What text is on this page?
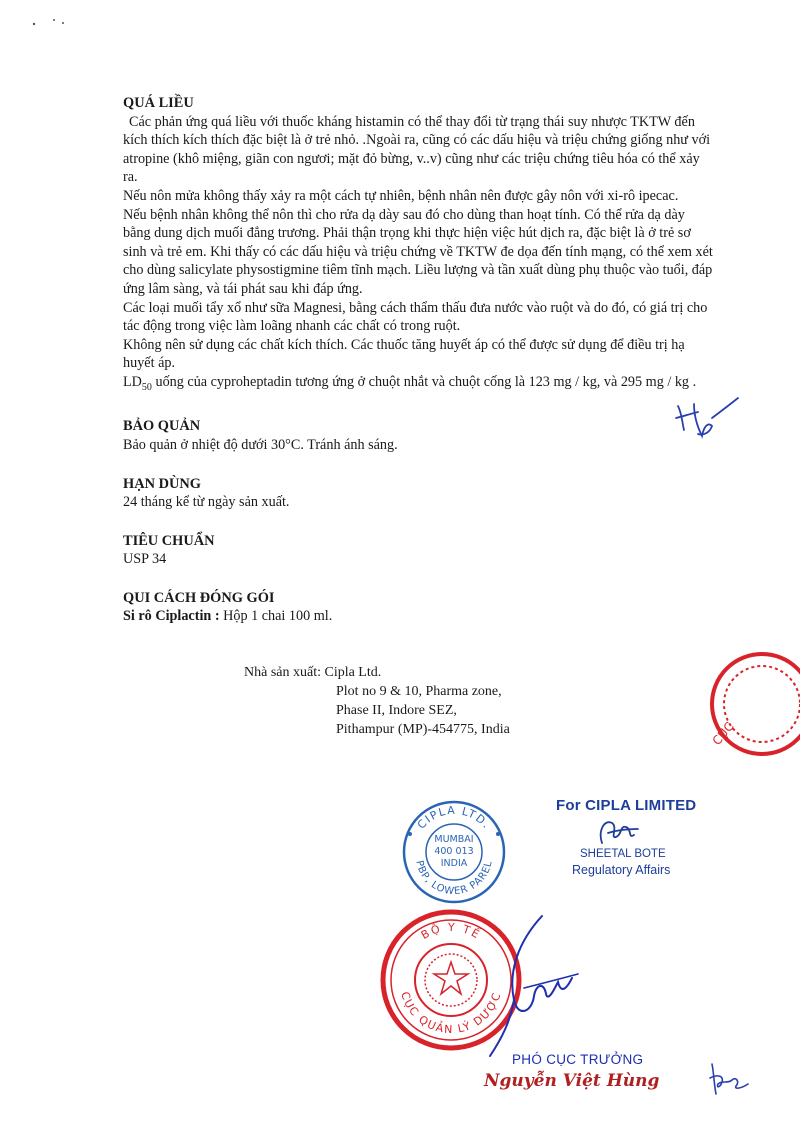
QUÁ LIỀU

Các phản ứng quá liều với thuốc kháng histamin có thể thay đổi từ trạng thái suy nhược TKTW đến kích thích kích thích đặc biệt là ở trẻ nhỏ. .Ngoài ra, cũng có các dấu hiệu và triệu chứng giống như với atropine (khô miệng, giãn con ngươi; mặt đỏ bừng, v..v) cũng như các triệu chứng tiêu hóa có thể xảy ra.

Nếu nôn mửa không thấy xảy ra một cách tự nhiên, bệnh nhân nên được gây nôn với xi-rô ipecac.

Nếu bệnh nhân không thể nôn thì cho rửa dạ dày sau đó cho dùng than hoạt tính. Có thể rửa dạ dày bằng dung dịch muối đẳng trương. Phải thận trọng khi thực hiện việc hút dịch ra, đặc biệt là ở trẻ sơ sinh và trẻ em. Khi thấy có các dấu hiệu và triệu chứng về TKTW đe dọa đến tính mạng, có thể xem xét cho dùng salicylate physostigmine tiêm tĩnh mạch. Liều lượng và tần xuất dùng phụ thuộc vào tuổi, đáp ứng lâm sàng, và tái phát sau khi đáp ứng.

Các loại muối tẩy xổ như sữa Magnesi, bằng cách thẩm thấu đưa nước vào ruột và do đó, có giá trị cho tác động trong việc làm loãng nhanh các chất có trong ruột.

Không nên sử dụng các chất kích thích. Các thuốc tăng huyết áp có thể được sử dụng để điều trị hạ huyết áp.

$LD_{50}$ uống của cyproheptadin tương ứng ở chuột nhắt và chuột cống là 123 mg / kg, và 295 mg / kg .

BẢO QUẢN

Bảo quản ở nhiệt độ dưới 30°C. Tránh ánh sáng.

HẠN DÙNG

24 tháng kể từ ngày sản xuất.

TIÊU CHUẨN

USP 34

QUI CÁCH ĐÓNG GÓI

Si rô Ciplactin : Hộp 1 chai 100 ml.

Nhà sản xuất: Cipla Ltd.
Plot no 9 & 10, Pharma zone,
Phase II, Indore SEZ,
Pithampur (MP)-454775, India	CỤC
CIPLA LTD.
PBP, LOWER PAREL
MUMBAI
400 013
INDIA
For CIPLA LIMITED
SHEETAL BOTE
Regulatory Affairs
BỘ Y TẾ
CỤC QUẢN LÝ DƯỢC
PHÓ CỤC TRƯỞNG
Nguyễn Việt Hùng
